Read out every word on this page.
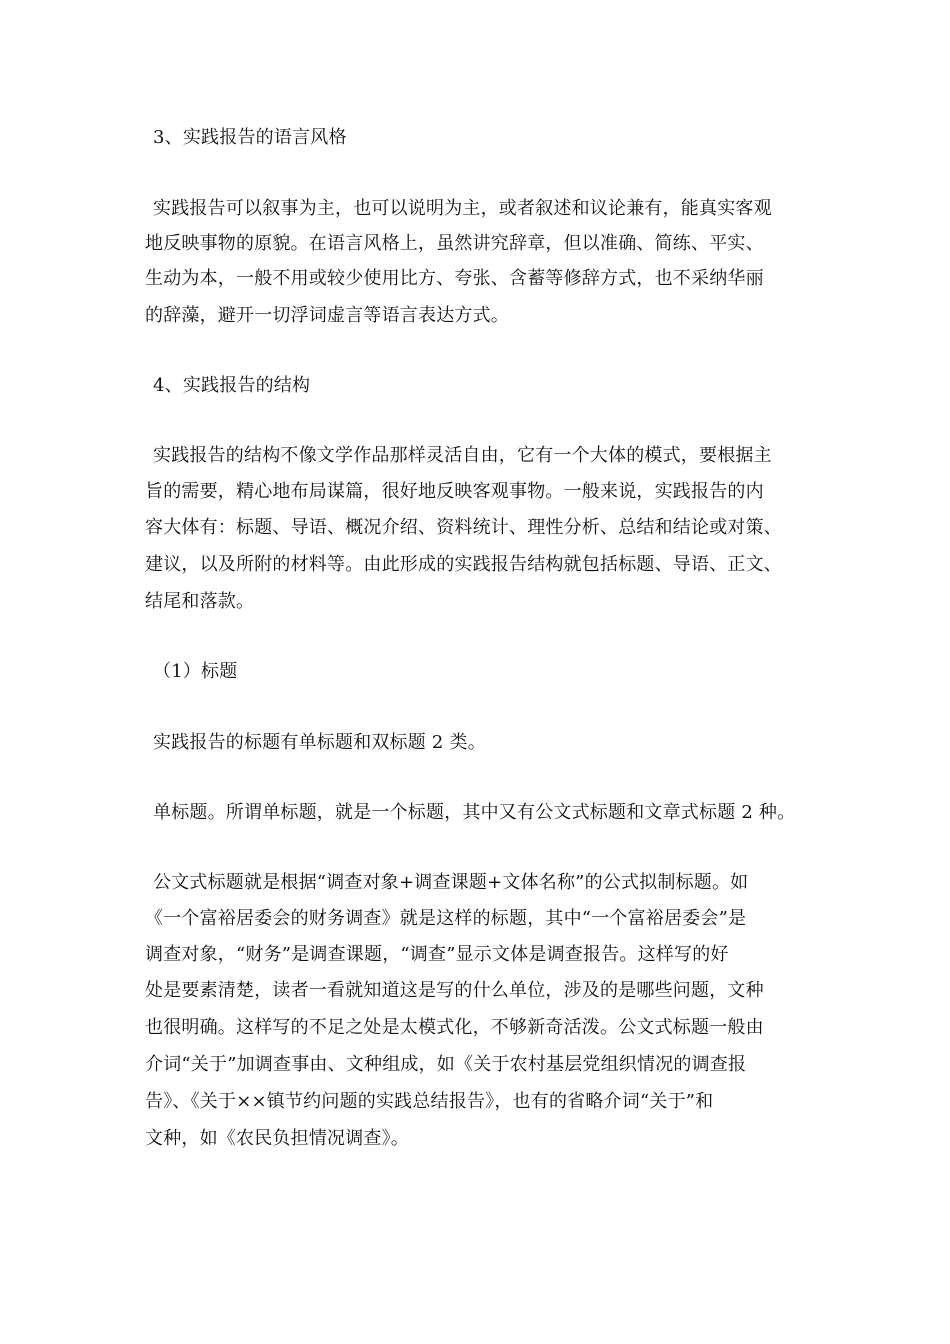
3、实践报告的语言风格
实践报告可以叙事为主，也可以说明为主，或者叙述和议论兼有，能真实客观
地反映事物的原貌。在语言风格上，虽然讲究辞章，但以准确、简练、平实、
生动为本，一般不用或较少使用比方、夸张、含蓄等修辞方式，也不采纳华丽
的辞藻，避开一切浮词虚言等语言表达方式。
4、实践报告的结构
实践报告的结构不像文学作品那样灵活自由，它有一个大体的模式，要根据主
旨的需要，精心地布局谋篇，很好地反映客观事物。一般来说，实践报告的内
容大体有：标题、导语、概况介绍、资料统计、理性分析、总结和结论或对策、
建议，以及所附的材料等。由此形成的实践报告结构就包括标题、导语、正文、
结尾和落款。
（1）标题
实践报告的标题有单标题和双标题 2 类。
单标题。所谓单标题，就是一个标题，其中又有公文式标题和文章式标题 2 种。
公文式标题就是根据“调查对象+调查课题+文体名称”的公式拟制标题。如
《一个富裕居委会的财务调查》就是这样的标题，其中“一个富裕居委会”是
调查对象，“财务”是调查课题，“调查”显示文体是调查报告。这样写的好
处是要素清楚，读者一看就知道这是写的什么单位，涉及的是哪些问题，文种
也很明确。这样写的不足之处是太模式化，不够新奇活泼。公文式标题一般由
介词“关于”加调查事由、文种组成，如《关于农村基层党组织情况的调查报
告》、《关于××镇节约问题的实践总结报告》，也有的省略介词“关于”和
文种，如《农民负担情况调查》。
